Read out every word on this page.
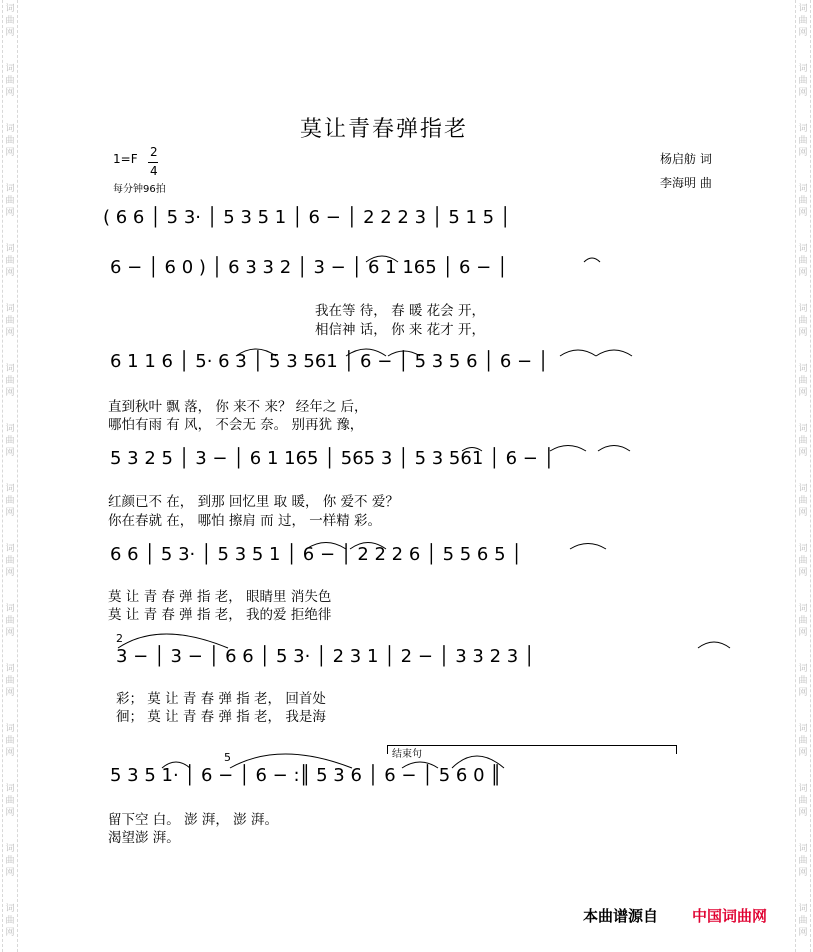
词
曲
网
词
曲
网
词
曲
网
词
曲
网
词
曲
网
词
曲
网
词
曲
网
词
曲
网
词
曲
网
词
曲
网
词
曲
网
词
曲
网
词
曲
网
词
曲
网
词
曲
网
词
曲
网
词
曲
网
词
曲
网
词
曲
网
词
曲
网
词
曲
网
词
曲
网
词
曲
网
词
曲
网
词
曲
网
词
曲
网
词
曲
网
词
曲
网
词
曲
网
词
曲
网
词
曲
网
词
曲
网
莫让青春弹指老
1=F 2
4
每分钟96拍
杨启舫 词
李海明 曲
( 6 6 │ 5 3· │ 5 3 5 1 │ 6 − │ 2 2 2 3 │ 5 1 5 │
6 − │ 6 0 ) │ 6 3 3 2 │ 3 − │ 6 1 165 │ 6 − │
我在等 待， 春 暖 花会 开，
相信神 话， 你 来 花才 开，
6 1 1 6 │ 5· 6 3 │ 5 3 561 │ 6 − │ 5 3 5 6 │ 6 − │
直到秋叶 飘 落， 你 来不 来？ 经年之 后，
哪怕有雨 有 风， 不会无 奈。 别再犹 豫，
5 3 2 5 │ 3 − │ 6 1 165 │ 565 3 │ 5 3 561 │ 6 − │
红颜已不 在， 到那 回忆里 取 暖， 你 爱不 爱？
你在春就 在， 哪怕 擦肩 而 过， 一样精 彩。
6 6 │ 5 3· │ 5 3 5 1 │ 6 − │ 2 2 2 6 │ 5 5 6 5 │
莫 让 青 春 弹 指 老， 眼睛里 消失色
莫 让 青 春 弹 指 老， 我的爱 拒绝徘
3 − │ 3 − │ 6 6 │ 5 3· │ 2 3 1 │ 2 − │ 3 3 2 3 │
彩； 莫 让 青 春 弹 指 老， 回首处
徊； 莫 让 青 春 弹 指 老， 我是海
5 3 5 1· │ 6 − │ 6 − :║ 5 3 6 │ 6 − │ 5 6 0 ║
留下空 白。 澎 湃， 澎 湃。
渴望澎 湃。
2
5	结束句
本曲谱源自 中国词曲网
